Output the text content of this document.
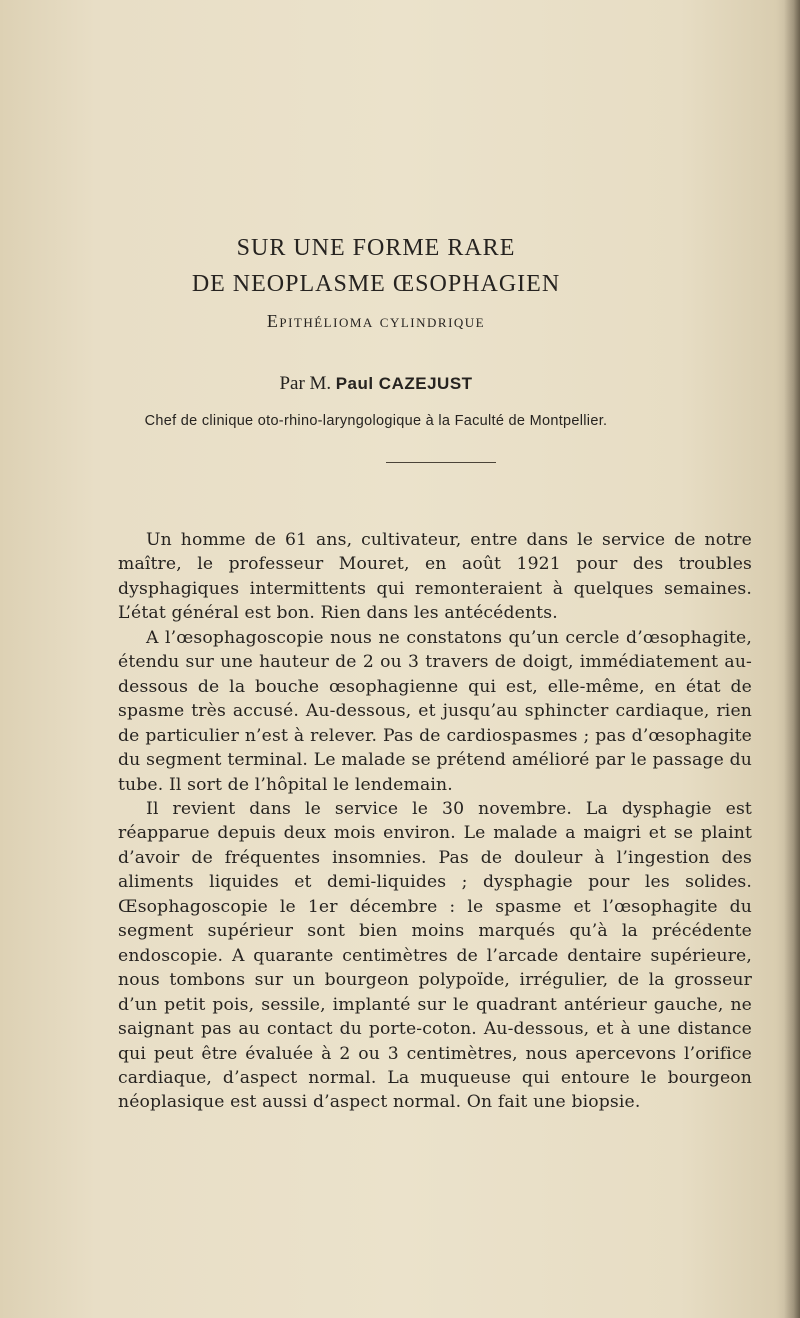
SUR UNE FORME RARE
DE NEOPLASME ŒSOPHAGIEN
Epithélioma cylindrique
Par M. Paul CAZEJUST
Chef de clinique oto-rhino-laryngologique à la Faculté de Montpellier.

Un homme de 61 ans, cultivateur, entre dans le service de notre maître, le professeur Mouret, en août 1921 pour des troubles dysphagiques intermittents qui remonteraient à quelques semaines. L’état général est bon. Rien dans les antécédents.

A l’œsophagoscopie nous ne constatons qu’un cercle d’œsophagite, étendu sur une hauteur de 2 ou 3 travers de doigt, immédiatement au-dessous de la bouche œsophagienne qui est, elle-même, en état de spasme très accusé. Au-dessous, et jusqu’au sphincter cardiaque, rien de particulier n’est à relever. Pas de cardiospasmes ; pas d’œsophagite du segment terminal. Le malade se prétend amélioré par le passage du tube. Il sort de l’hôpital le lendemain.

Il revient dans le service le 30 novembre. La dysphagie est réapparue depuis deux mois environ. Le malade a maigri et se plaint d’avoir de fréquentes insomnies. Pas de douleur à l’ingestion des aliments liquides et demi-liquides ; dysphagie pour les solides. Œsophagoscopie le 1er décembre : le spasme et l’œsophagite du segment supérieur sont bien moins marqués qu’à la précédente endoscopie. A quarante centimètres de l’arcade dentaire supérieure, nous tombons sur un bourgeon polypoïde, irrégulier, de la grosseur d’un petit pois, sessile, implanté sur le quadrant antérieur gauche, ne saignant pas au contact du porte-coton. Au-dessous, et à une distance qui peut être évaluée à 2 ou 3 centimètres, nous apercevons l’orifice cardiaque, d’aspect normal. La muqueuse qui entoure le bourgeon néoplasique est aussi d’aspect normal. On fait une biopsie.
